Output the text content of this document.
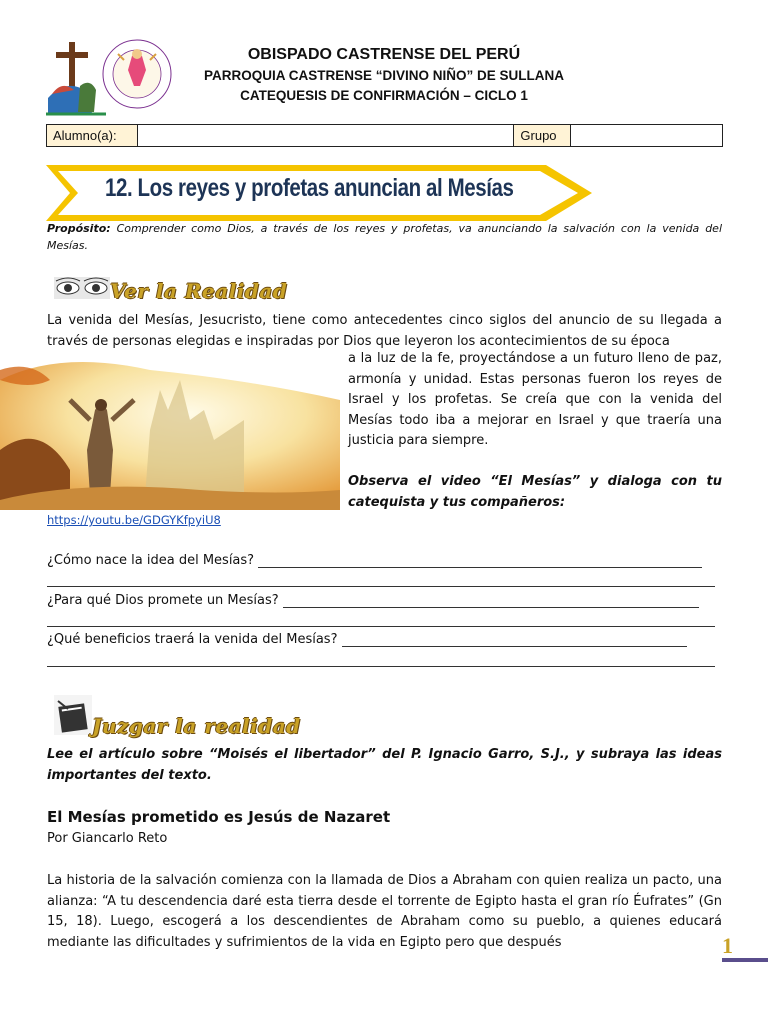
OBISPADO CASTRENSE DEL PERÚ
PARROQUIA CASTRENSE “DIVINO NIÑO” DE SULLANA
CATEQUESIS DE CONFIRMACIÓN – CICLO 1
Alumno(a):	Grupo
12. Los reyes y profetas anuncian al Mesías
Propósito: Comprender como Dios, a través de los reyes y profetas, va anunciando la salvación con la venida del Mesías.
Ver la Realidad
La venida del Mesías, Jesucristo, tiene como antecedentes cinco siglos del anuncio de su llegada a través de personas elegidas e inspiradas por Dios que leyeron los acontecimientos de su época
a la luz de la fe, proyectándose a un futuro lleno de paz, armonía y unidad. Estas personas fueron los reyes de Israel y los profetas. Se creía que con la venida del Mesías todo iba a mejorar en Israel y que traería una justicia para siempre.
Observa el video “El Mesías” y dialoga con tu catequista y tus compañeros:
https://youtu.be/GDGYKfpyiU8
¿Cómo nace la idea del Mesías?
¿Para qué Dios promete un Mesías?
¿Qué beneficios traerá la venida del Mesías?
Juzgar la realidad
Lee el artículo sobre “Moisés el libertador” del P. Ignacio Garro, S.J., y subraya las ideas importantes del texto.
El Mesías prometido es Jesús de Nazaret
Por Giancarlo Reto
La historia de la salvación comienza con la llamada de Dios a Abraham con quien realiza un pacto, una alianza: “A tu descendencia daré esta tierra desde el torrente de Egipto hasta el gran río Éufrates” (Gn 15, 18). Luego, escogerá a los descendientes de Abraham como su pueblo, a quienes educará mediante las dificultades y sufrimientos de la vida en Egipto pero que después	1
